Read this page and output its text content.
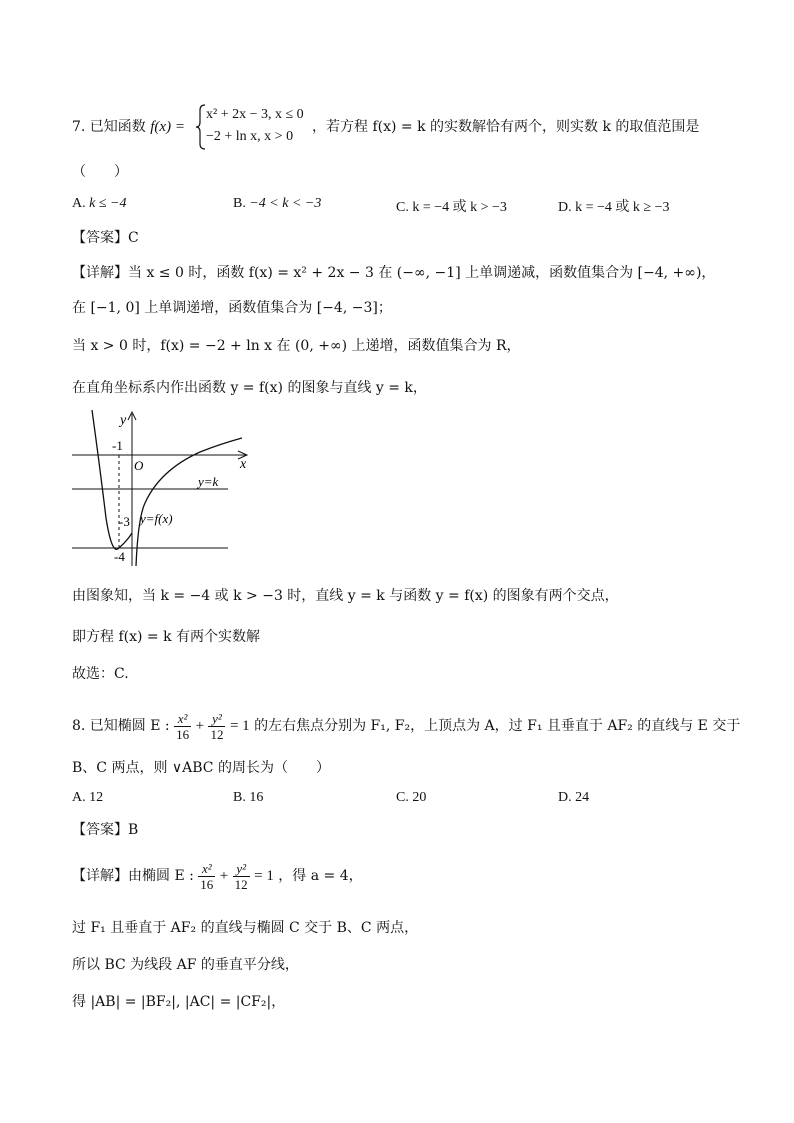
7. 已知函数 f(x) =
x² + 2x − 3, x ≤ 0
−2 + ln x, x > 0
，若方程 f(x) = k 的实数解恰有两个，则实数 k 的取值范围是
（　　）
A. k ≤ −4	B. −4 < k < −3	C. k = −4 或 k > −3	D. k = −4 或 k ≥ −3
【答案】C
【详解】当 x ≤ 0 时，函数 f(x) = x² + 2x − 3 在 (−∞, −1] 上单调递减，函数值集合为 [−4, +∞)，
在 [−1, 0] 上单调递增，函数值集合为 [−4, −3]；
当 x > 0 时，f(x) = −2 + ln x 在 (0, +∞) 上递增，函数值集合为 R，
在直角坐标系内作出函数 y = f(x) 的图象与直线 y = k，
y
x
O
-1
-3
-4
y=k
y=f(x)
由图象知，当 k = −4 或 k > −3 时，直线 y = k 与函数 y = f(x) 的图象有两个交点，
即方程 f(x) = k 有两个实数解
故选：C.
8. 已知椭圆 E : $\frac{\text{x²}}{16} + \frac{\text{y²}}{12} = 1$ 的左右焦点分别为 F₁, F₂，上顶点为 A，过 F₁ 且垂直于 AF₂ 的直线与 E 交于
B、C 两点，则 ∨ABC 的周长为（　　）
A. 12	B. 16	C. 20	D. 24
【答案】B
【详解】由椭圆 E : $\frac{\text{x²}}{16} + \frac{\text{y²}}{12} = 1$ ，得 a = 4，
过 F₁ 且垂直于 AF₂ 的直线与椭圆 C 交于 B、C 两点，
所以 BC 为线段 AF 的垂直平分线，
得 |AB| = |BF₂|, |AC| = |CF₂|，
